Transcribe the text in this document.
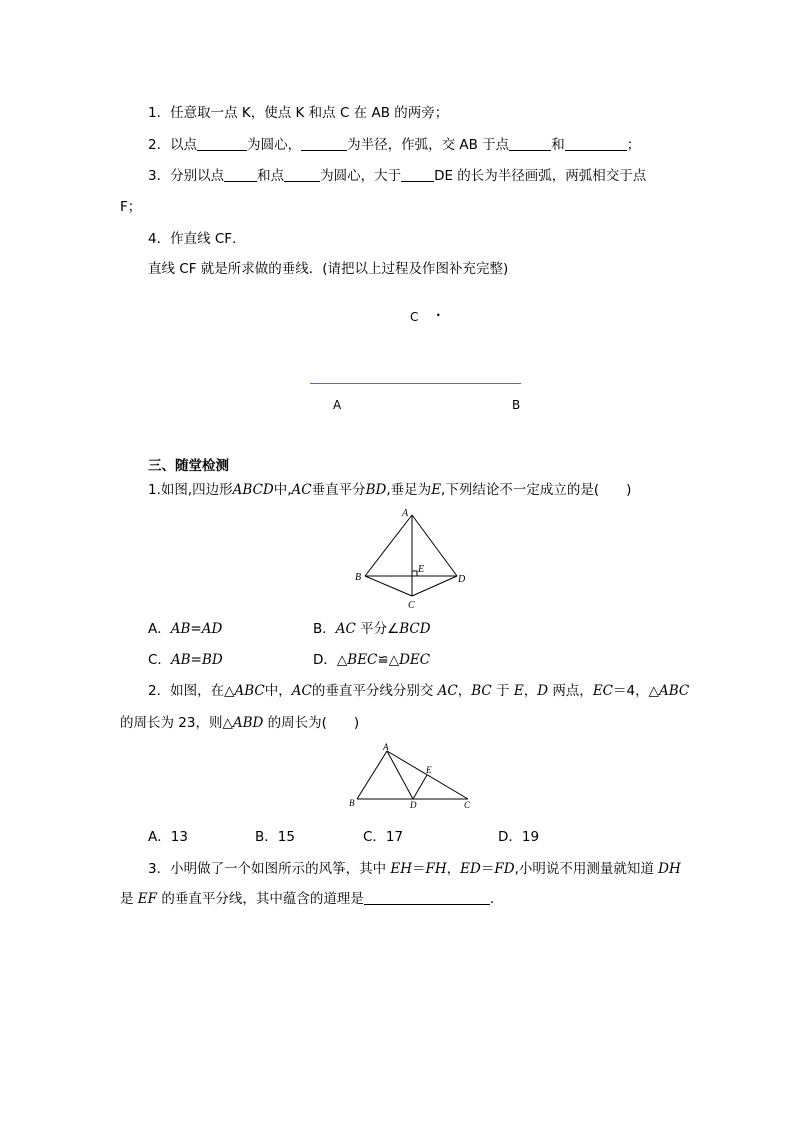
1．任意取一点 K，使点 K 和点 C 在 AB 的两旁；
2．以点	为圆心，	为半径，作弧，交 AB 于点	和	；
3．分别以点 和点	为圆心，大于 DE 的长为半径画弧，两弧相交于点
F；
4．作直线 CF．
直线 CF 就是所求做的垂线．(请把以上过程及作图补充完整)
C ·
A	B
三、随堂检测
1.如图,四边形ABCD中,AC垂直平分BD,垂足为E,下列结论不一定成立的是(　　)
A
B
C
D
E
A．AB=AD	B．AC 平分∠BCD
C．AB=BD	D．△BEC≌△DEC
2．如图，在△ABC中，AC的垂直平分线分别交 AC，BC 于 E，D 两点，EC＝4，△ABC
的周长为 23，则△ABD 的周长为(　　)
A
B	C
D
E
A．13	B．15	C．17	D．19
3．小明做了一个如图所示的风筝，其中 EH＝FH，ED＝FD,小明说不用测量就知道 DH
是 EF 的垂直平分线，其中蕴含的道理是	．
